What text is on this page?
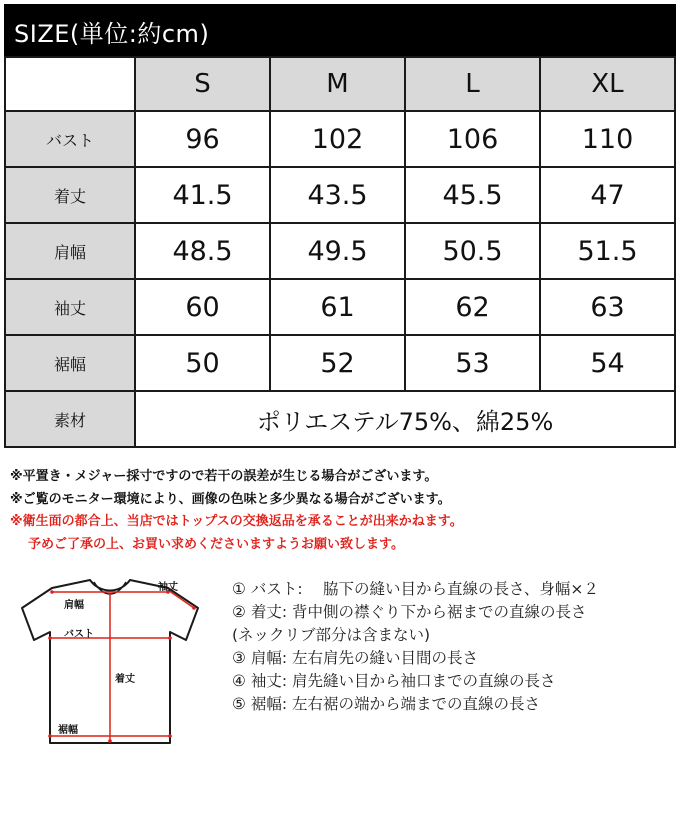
SIZE(単位:約cm)
	S	M	L	XL
バスト	96	102	106	110
着丈	41.5	43.5	45.5	47
肩幅	48.5	49.5	50.5	51.5
袖丈	60	61	62	63
裾幅	50	52	53	54
素材	ポリエステル75%、綿25%			
※平置き・メジャー採寸ですので若干の誤差が生じる場合がございます。
※ご覧のモニター環境により、画像の色味と多少異なる場合がございます。
※衛生面の都合上、当店ではトップスの交換返品を承ることが出来かねます。
予めご了承の上、お買い求めくださいますようお願い致します。
袖丈
肩幅
バスト
着丈
裾幅
① バスト:　 脇下の縫い目から直線の長さ、身幅×２
② 着丈: 背中側の襟ぐり下から裾までの直線の長さ
(ネックリブ部分は含まない)
③ 肩幅: 左右肩先の縫い目間の長さ
④ 袖丈: 肩先縫い目から袖口までの直線の長さ
⑤ 裾幅: 左右裾の端から端までの直線の長さ
